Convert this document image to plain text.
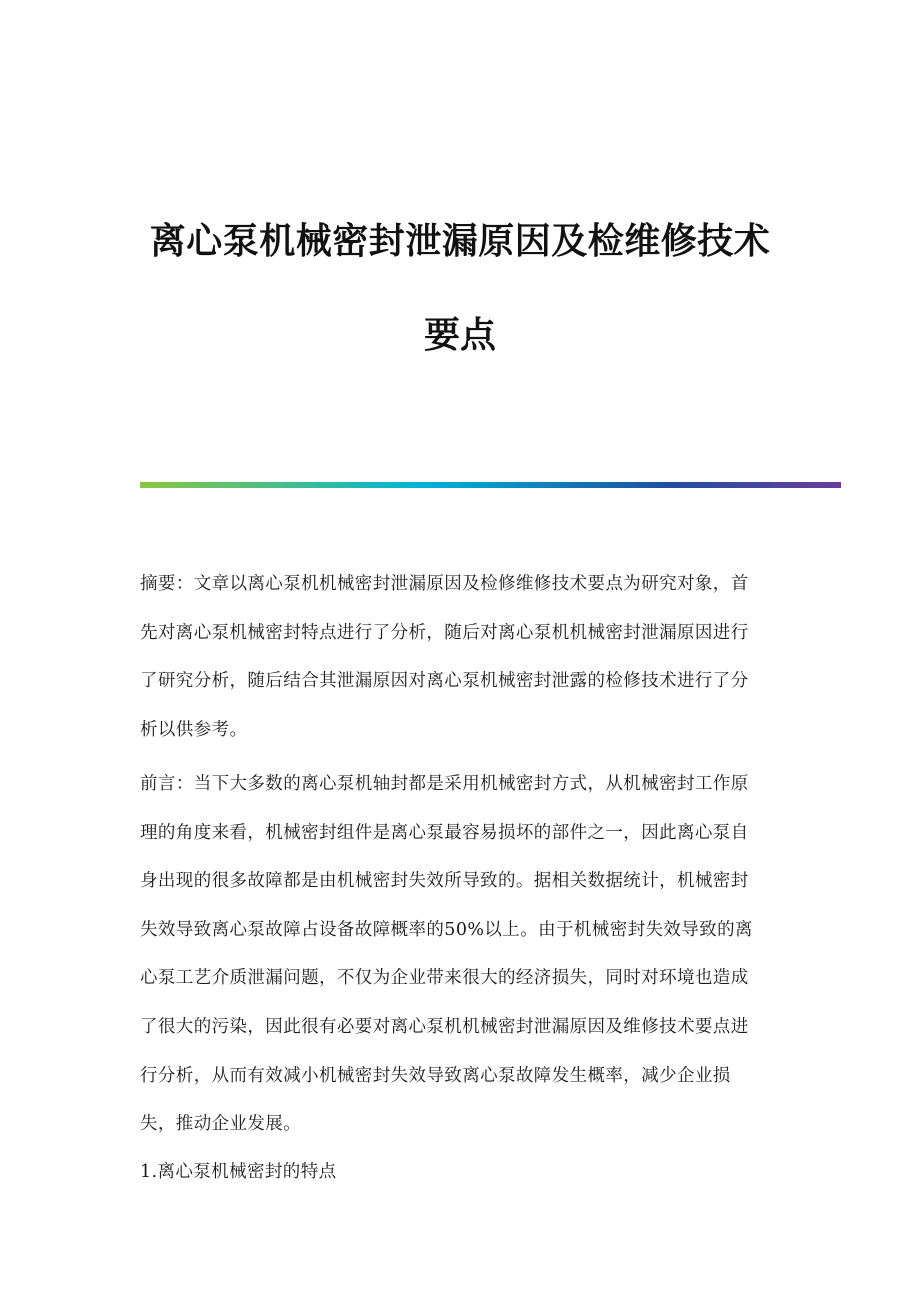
离心泵机械密封泄漏原因及检维修技术
要点
摘要：文章以离心泵机机械密封泄漏原因及检修维修技术要点为研究对象，首
先对离心泵机械密封特点进行了分析，随后对离心泵机机械密封泄漏原因进行
了研究分析，随后结合其泄漏原因对离心泵机械密封泄露的检修技术进行了分
析以供参考。
前言：当下大多数的离心泵机轴封都是采用机械密封方式，从机械密封工作原
理的角度来看，机械密封组件是离心泵最容易损坏的部件之一，因此离心泵自
身出现的很多故障都是由机械密封失效所导致的。据相关数据统计，机械密封
失效导致离心泵故障占设备故障概率的50%以上。由于机械密封失效导致的离
心泵工艺介质泄漏问题，不仅为企业带来很大的经济损失，同时对环境也造成
了很大的污染，因此很有必要对离心泵机机械密封泄漏原因及维修技术要点进
行分析，从而有效减小机械密封失效导致离心泵故障发生概率，减少企业损
失，推动企业发展。
1.离心泵机械密封的特点
